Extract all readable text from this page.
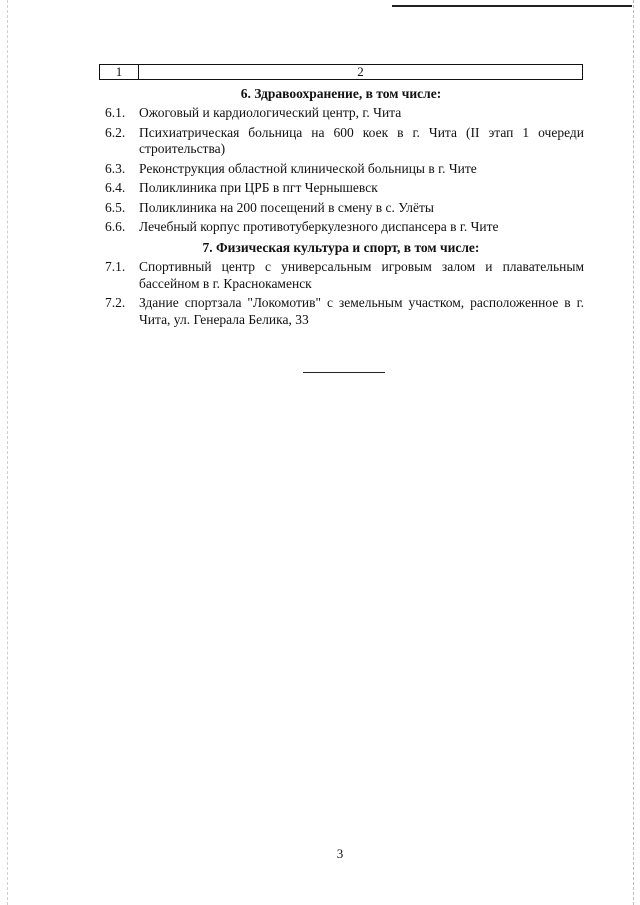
1	2
6. Здравоохранение, в том числе:
6.1.	Ожоговый и кардиологический центр, г. Чита
6.2.	Психиатрическая больница на 600 коек в г. Чита (II этап 1 очереди строительства)
6.3.	Реконструкция областной клинической больницы в г. Чите
6.4.	Поликлиника при ЦРБ в пгт Чернышевск
6.5.	Поликлиника на 200 посещений в смену в с. Улёты
6.6.	Лечебный корпус противотуберкулезного диспансера в г. Чите
7. Физическая культура и спорт, в том числе:
7.1.	Спортивный центр с универсальным игровым залом и плавательным бассейном в г. Краснокаменск
7.2.	Здание спортзала "Локомотив" с земельным участком, расположенное в г. Чита, ул. Генерала Белика, 33
3
